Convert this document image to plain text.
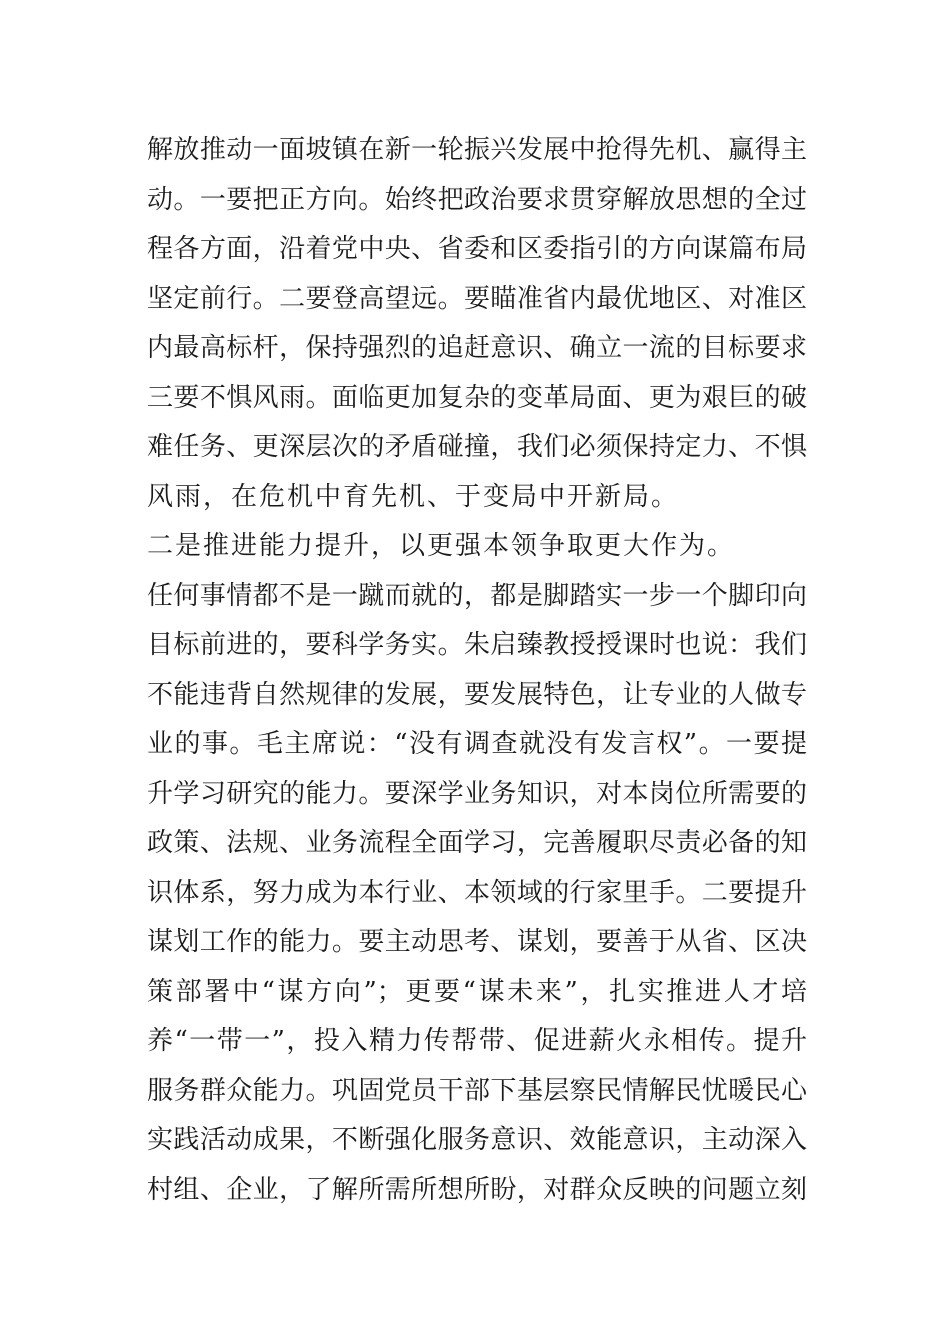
解放推动一面坡镇在新一轮振兴发展中抢得先机、赢得主
动。一要把正方向。始终把政治要求贯穿解放思想的全过
程各方面，沿着党中央、省委和区委指引的方向谋篇布局
坚定前行。二要登高望远。要瞄准省内最优地区、对准区
内最高标杆，保持强烈的追赶意识、确立一流的目标要求
三要不惧风雨。面临更加复杂的变革局面、更为艰巨的破
难任务、更深层次的矛盾碰撞，我们必须保持定力、不惧
风雨，在危机中育先机、于变局中开新局。
二是推进能力提升，以更强本领争取更大作为。
任何事情都不是一蹴而就的，都是脚踏实一步一个脚印向
目标前进的，要科学务实。朱启臻教授授课时也说：我们
不能违背自然规律的发展，要发展特色，让专业的人做专
业的事。毛主席说：“没有调查就没有发言权”。一要提
升学习研究的能力。要深学业务知识，对本岗位所需要的
政策、法规、业务流程全面学习，完善履职尽责必备的知
识体系，努力成为本行业、本领域的行家里手。二要提升
谋划工作的能力。要主动思考、谋划，要善于从省、区决
策部署中“谋方向”；更要“谋未来”，扎实推进人才培
养“一带一”，投入精力传帮带、促进薪火永相传。提升
服务群众能力。巩固党员干部下基层察民情解民忧暖民心
实践活动成果，不断强化服务意识、效能意识，主动深入
村组、企业，了解所需所想所盼，对群众反映的问题立刻
